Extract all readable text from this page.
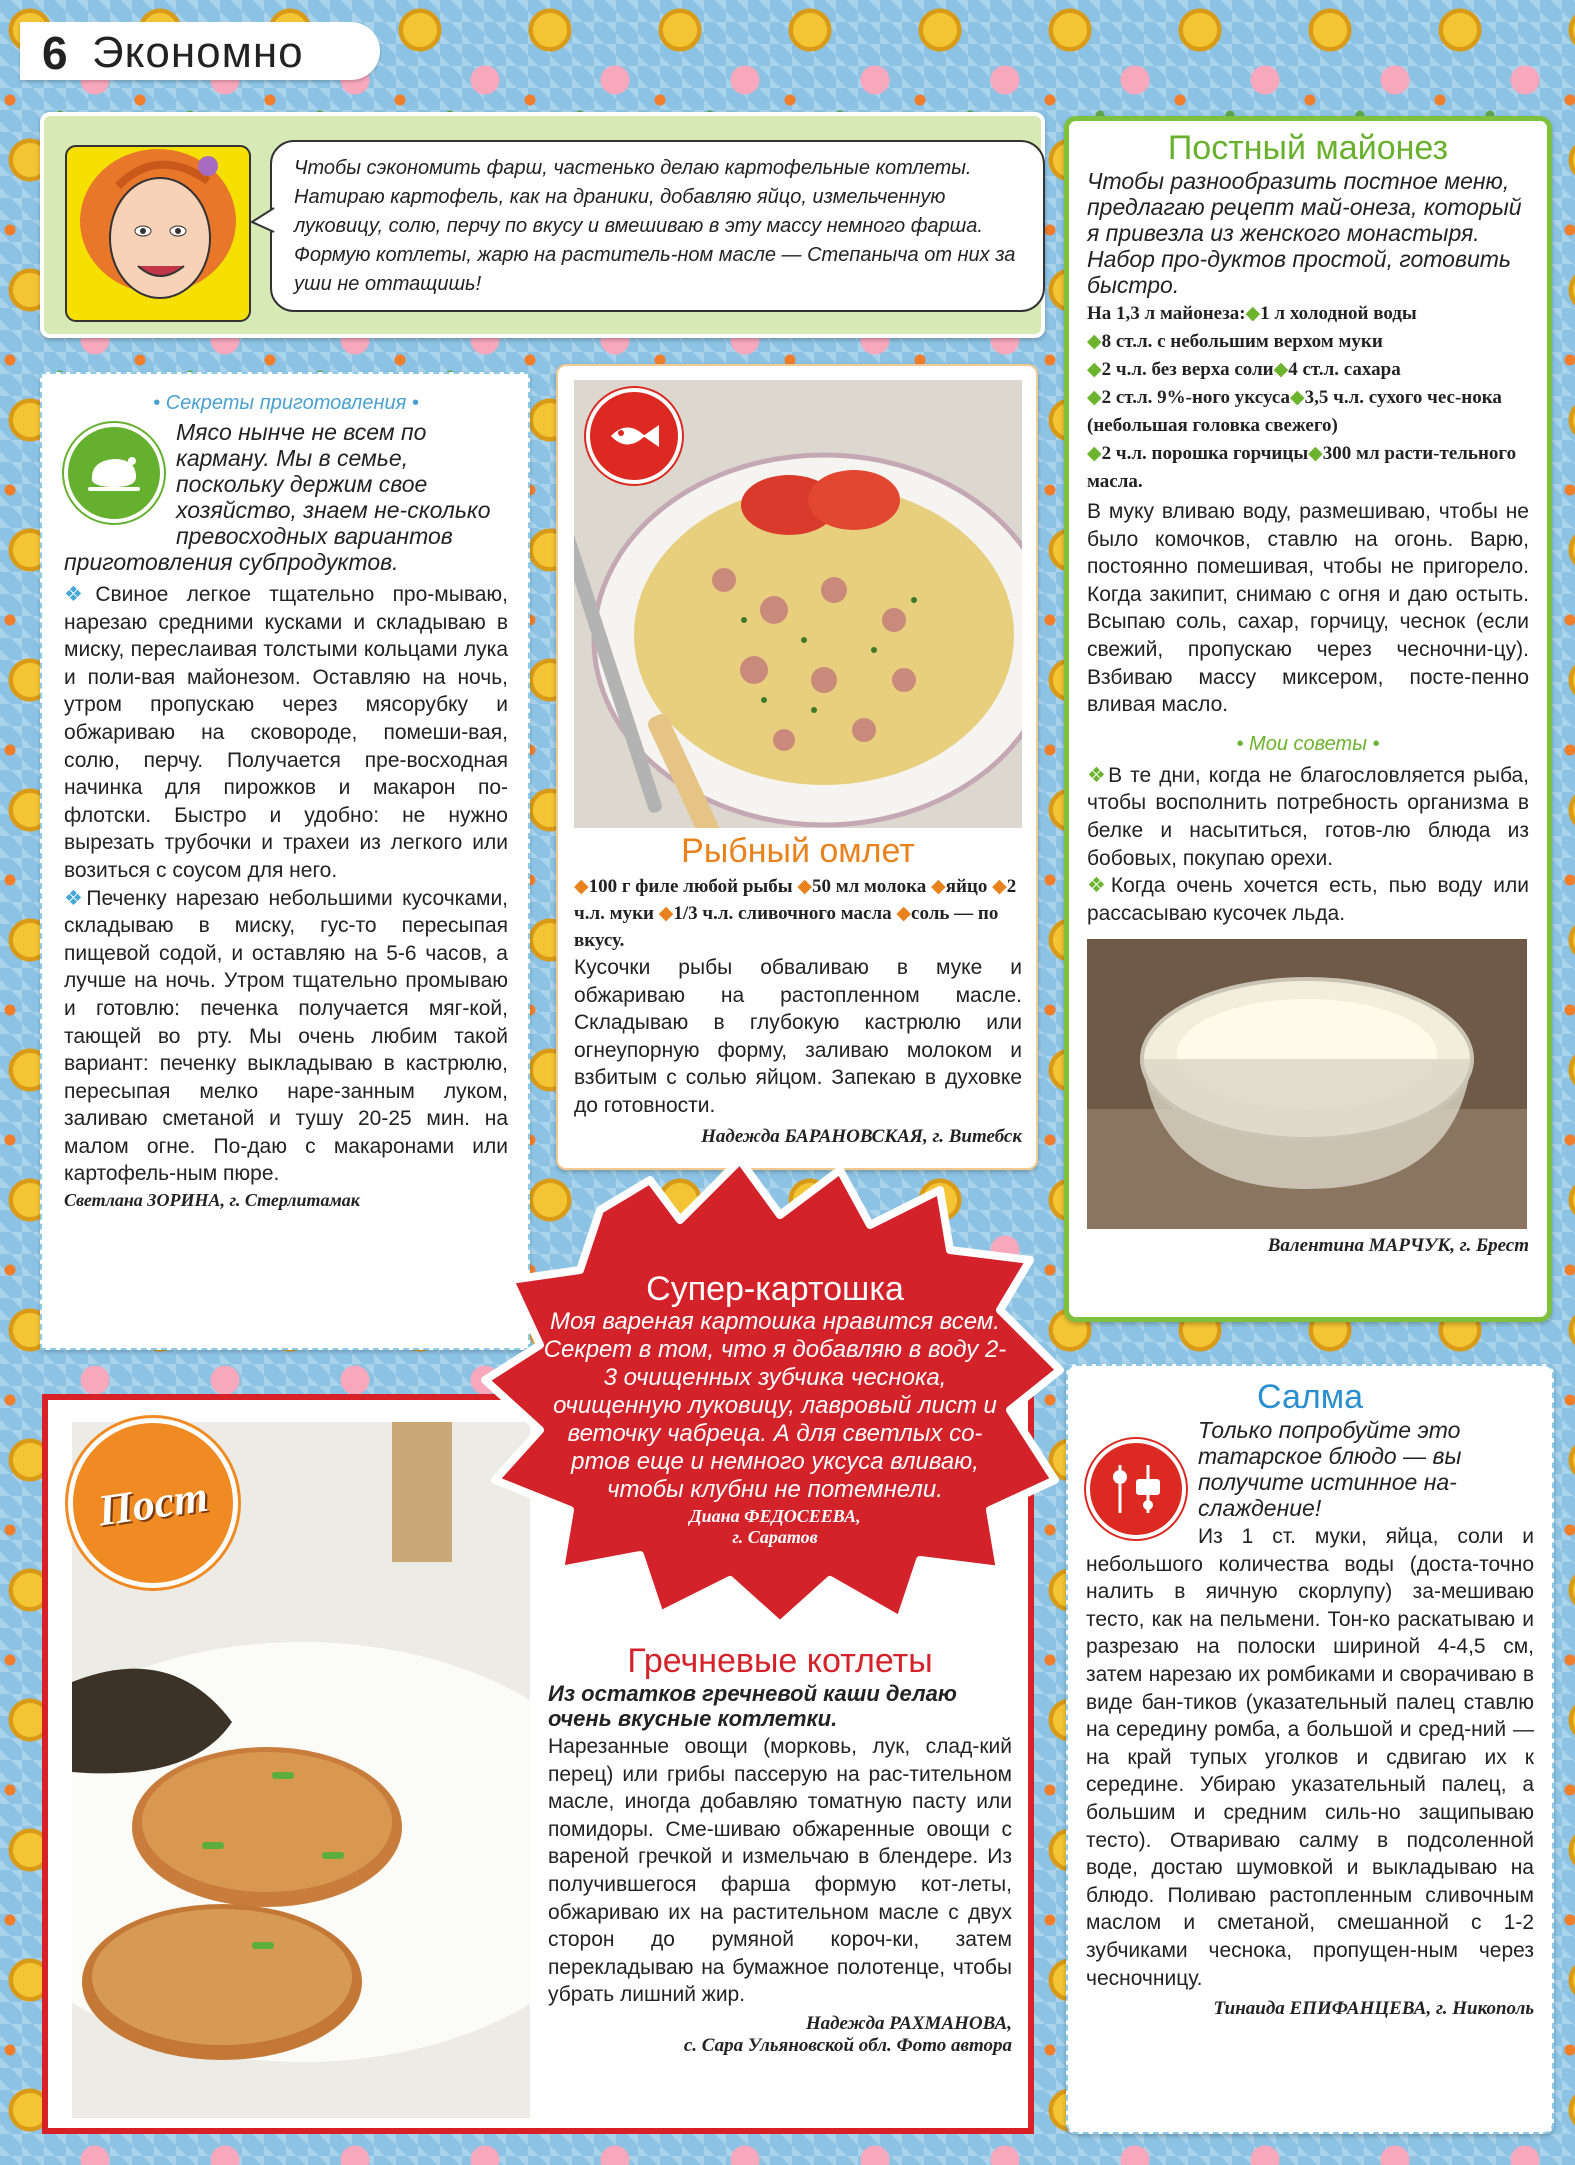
6 Экономно
Чтобы сэкономить фарш, частенько делаю картофельные котлеты. Натираю картофель, как на драники, добавляю яйцо, измельченную луковицу, солю, перчу по вкусу и вмешиваю в эту массу немного фарша. Формую котлеты, жарю на раститель-ном масле — Степаныча от них за уши не оттащишь!
• Секреты приготовления •
Мясо нынче не всем по карману. Мы в семье, поскольку держим свое хозяйство, знаем не-сколько превосходных вариантов приготовления субпродуктов.

❖Свиное легкое тщательно про-мываю, нарезаю средними кусками и складываю в миску, переслаивая толстыми кольцами лука и поли-вая майонезом. Оставляю на ночь, утром пропускаю через мясорубку и обжариваю на сковороде, помеши-вая, солю, перчу. Получается пре-восходная начинка для пирожков и макарон по-флотски. Быстро и удобно: не нужно вырезать трубочки и трахеи из легкого или возиться с соусом для него.

❖Печенку нарезаю небольшими кусочками, складываю в миску, гус-то пересыпая пищевой содой, и оставляю на 5-6 часов, а лучше на ночь. Утром тщательно промываю и готовлю: печенка получается мяг-кой, тающей во рту. Мы очень любим такой вариант: печенку выкладываю в кастрюлю, пересыпая мелко наре-занным луком, заливаю сметаной и тушу 20-25 мин. на малом огне. По-даю с макаронами или картофель-ным пюре.

Светлана ЗОРИНА, г. Стерлитамак
Рыбный омлет
◆100 г филе любой рыбы ◆50 мл молока ◆яйцо ◆2 ч.л. муки ◆1/3 ч.л. сливочного масла ◆соль — по вкусу.

Кусочки рыбы обваливаю в муке и обжариваю на растопленном масле. Складываю в глубокую кастрюлю или огнеупорную форму, заливаю молоком и взбитым с солью яйцом. Запекаю в духовке до готовности.

Надежда БАРАНОВСКАЯ, г. Витебск
Постный майонез
Чтобы разнообразить постное меню, предлагаю рецепт май-онеза, который я привезла из женского монастыря. Набор про-дуктов простой, готовить быстро.
На 1,3 л майонеза:◆1 л холодной воды
◆8 ст.л. с небольшим верхом муки
◆2 ч.л. без верха соли◆4 ст.л. сахара
◆2 ст.л. 9%-ного уксуса◆3,5 ч.л. сухого чес-нока (небольшая головка свежего)
◆2 ч.л. порошка горчицы◆300 мл расти-тельного масла.

В муку вливаю воду, размешиваю, чтобы не было комочков, ставлю на огонь. Варю, постоянно помешивая, чтобы не пригорело. Когда закипит, снимаю с огня и даю остыть. Всыпаю соль, сахар, горчицу, чеснок (если свежий, пропускаю через чесночни-цу). Взбиваю массу миксером, посте-пенно вливая масло.

• Мои советы •

❖В те дни, когда не благословляется рыба, чтобы восполнить потребность организма в белке и насытиться, готов-лю блюда из бобовых, покупаю орехи.

❖Когда очень хочется есть, пью воду или рассасываю кусочек льда.

Валентина МАРЧУК, г. Брест
Пост
Гречневые котлеты
Из остатков гречневой каши делаю очень вкусные котлетки.

Нарезанные овощи (морковь, лук, слад-кий перец) или грибы пассерую на рас-тительном масле, иногда добавляю томатную пасту или помидоры. Сме-шиваю обжаренные овощи с вареной гречкой и измельчаю в блендере. Из получившегося фарша формую кот-леты, обжариваю их на растительном масле с двух сторон до румяной короч-ки, затем перекладываю на бумажное полотенце, чтобы убрать лишний жир.

Надежда РАХМАНОВА,
с. Сара Ульяновской обл. Фото автора
Супер-картошка
Моя вареная картошка нравится всем. Секрет в том, что я добавляю в воду 2-3 очищенных зубчика чеснока, очищенную луковицу, лавровый лист и веточку чабреца. А для светлых со-ртов еще и немного уксуса вливаю, чтобы клубни не потемнели.
Диана ФЕДОСЕЕВА,
г. Саратов
Салма
Только попробуйте это татарское блюдо — вы получите истинное на-слаждение!

Из 1 ст. муки, яйца, соли и небольшого количества воды (доста-точно налить в яичную скорлупу) за-мешиваю тесто, как на пельмени. Тон-ко раскатываю и разрезаю на полоски шириной 4-4,5 см, затем нарезаю их ромбиками и сворачиваю в виде бан-тиков (указательный палец ставлю на середину ромба, а большой и сред-ний — на край тупых уголков и сдвигаю их к середине. Убираю указательный палец, а большим и средним силь-но защипываю тесто). Отвариваю салму в подсоленной воде, достаю шумовкой и выкладываю на блюдо. Поливаю растопленным сливочным маслом и сметаной, смешанной с 1-2 зубчиками чеснока, пропущен-ным через чесночницу.

Тинаида ЕПИФАНЦЕВА, г. Никополь
